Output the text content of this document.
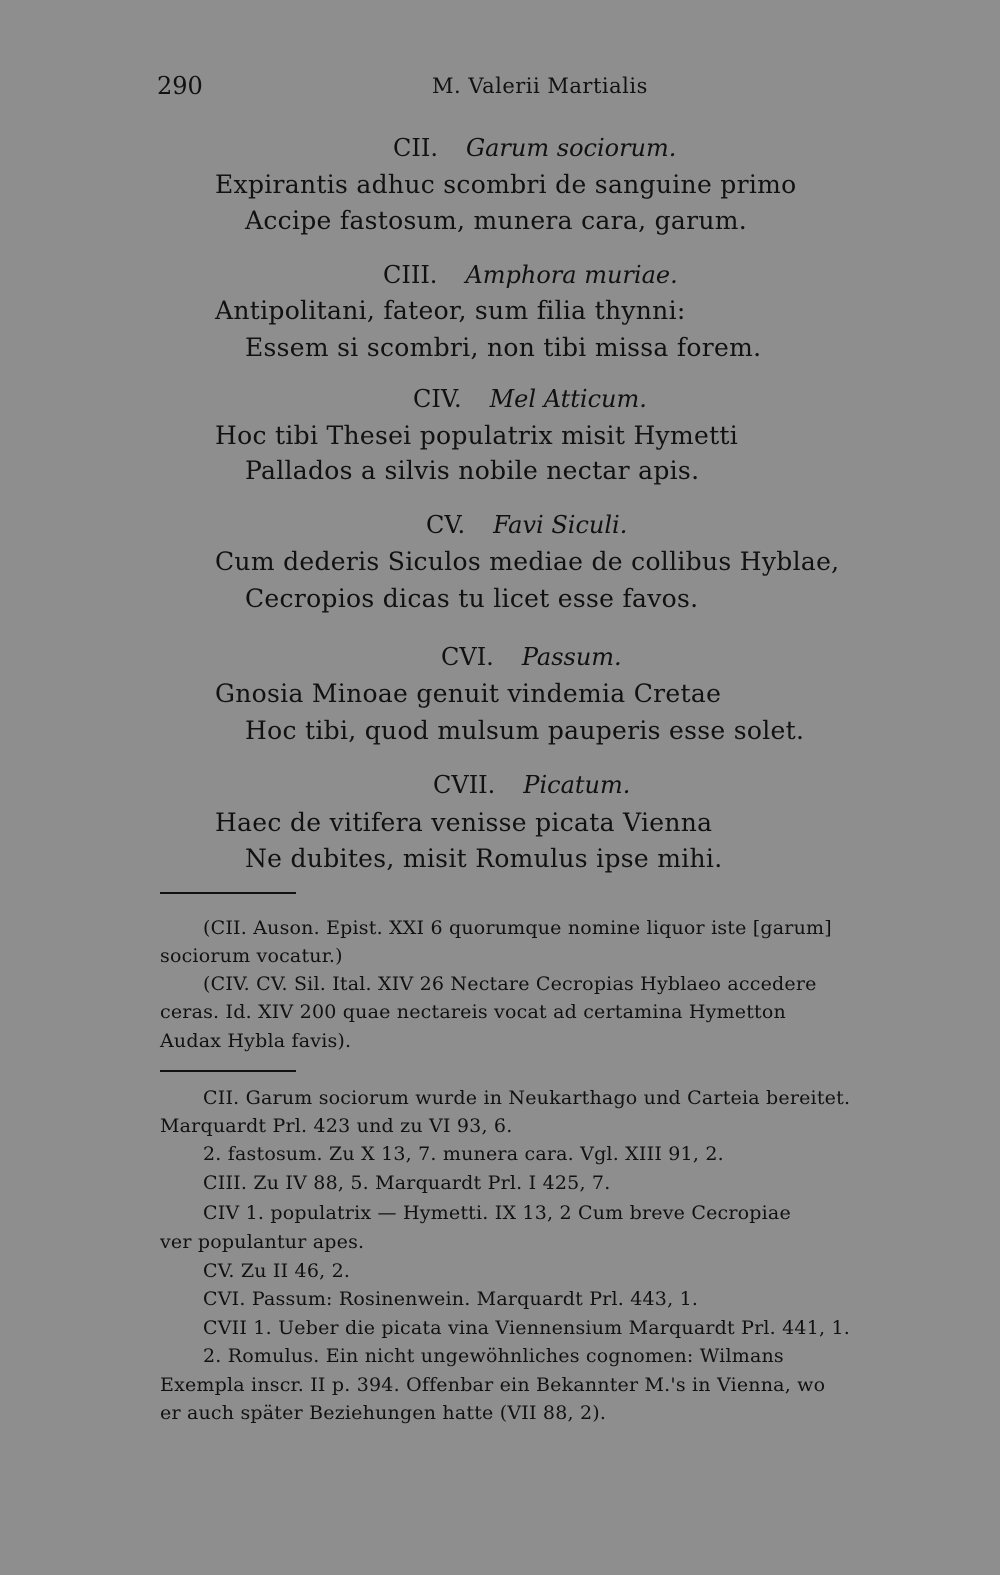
290	M. Valerii Martialis
CII. Garum sociorum.
Expirantis adhuc scombri de sanguine primo
Accipe fastosum, munera cara, garum.
CIII. Amphora muriae.
Antipolitani, fateor, sum filia thynni:
Essem si scombri, non tibi missa forem.
CIV. Mel Atticum.
Hoc tibi Thesei populatrix misit Hymetti
Pallados a silvis nobile nectar apis.
CV. Favi Siculi.
Cum dederis Siculos mediae de collibus Hyblae,
Cecropios dicas tu licet esse favos.
CVI. Passum.
Gnosia Minoae genuit vindemia Cretae
Hoc tibi, quod mulsum pauperis esse solet.
CVII. Picatum.
Haec de vitifera venisse picata Vienna
Ne dubites, misit Romulus ipse mihi.
(CII. Auson. Epist. XXI 6 quorumque nomine liquor iste [garum]
sociorum vocatur.)
(CIV. CV. Sil. Ital. XIV 26 Nectare Cecropias Hyblaeo accedere
ceras. Id. XIV 200 quae nectareis vocat ad certamina Hymetton
Audax Hybla favis).
CII. Garum sociorum wurde in Neukarthago und Carteia bereitet.
Marquardt Prl. 423 und zu VI 93, 6.
2. fastosum. Zu X 13, 7. munera cara. Vgl. XIII 91, 2.
CIII. Zu IV 88, 5. Marquardt Prl. I 425, 7.
CIV 1. populatrix — Hymetti. IX 13, 2 Cum breve Cecropiae
ver populantur apes.
CV. Zu II 46, 2.
CVI. Passum: Rosinenwein. Marquardt Prl. 443, 1.
CVII 1. Ueber die picata vina Viennensium Marquardt Prl. 441, 1.
2. Romulus. Ein nicht ungewöhnliches cognomen: Wilmans
Exempla inscr. II p. 394. Offenbar ein Bekannter M.'s in Vienna, wo
er auch später Beziehungen hatte (VII 88, 2).
